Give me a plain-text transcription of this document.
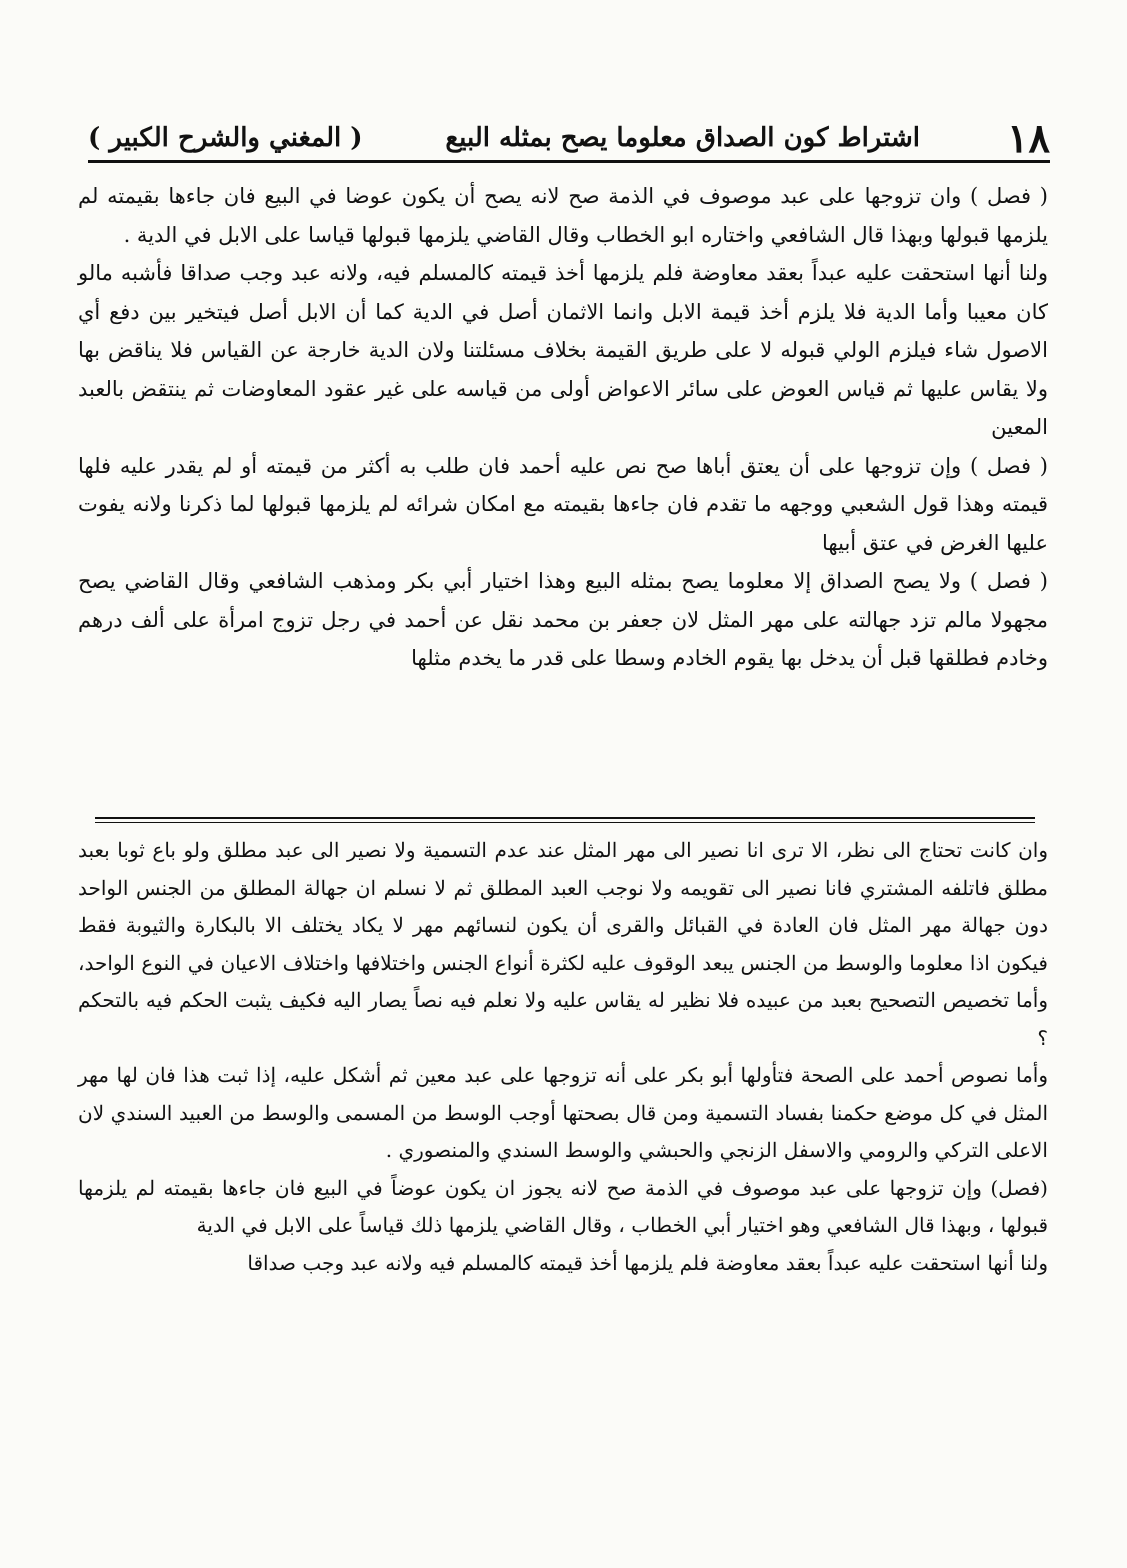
١٨
اشتراط كون الصداق معلوما يصح بمثله البيع
( المغني والشرح الكبير )

( فصل ) وان تزوجها على عبد موصوف في الذمة صح لانه يصح أن يكون عوضا في البيع فان جاءها بقيمته لم يلزمها قبولها وبهذا قال الشافعي واختاره ابو الخطاب وقال القاضي يلزمها قبولها قياسا على الابل في الدية .

ولنا أنها استحقت عليه عبداً بعقد معاوضة فلم يلزمها أخذ قيمته كالمسلم فيه، ولانه عبد وجب صداقا فأشبه مالو كان معيبا وأما الدية فلا يلزم أخذ قيمة الابل وانما الاثمان أصل في الدية كما أن الابل أصل فيتخير بين دفع أي الاصول شاء فيلزم الولي قبوله لا على طريق القيمة بخلاف مسئلتنا ولان الدية خارجة عن القياس فلا يناقض بها ولا يقاس عليها ثم قياس العوض على سائر الاعواض أولى من قياسه على غير عقود المعاوضات ثم ينتقض بالعبد المعين

( فصل ) وإن تزوجها على أن يعتق أباها صح نص عليه أحمد فان طلب به أكثر من قيمته أو لم يقدر عليه فلها قيمته وهذا قول الشعبي ووجهه ما تقدم فان جاءها بقيمته مع امكان شرائه لم يلزمها قبولها لما ذكرنا ولانه يفوت عليها الغرض في عتق أبيها

( فصل ) ولا يصح الصداق إلا معلوما يصح بمثله البيع وهذا اختيار أبي بكر ومذهب الشافعي وقال القاضي يصح مجهولا مالم تزد جهالته على مهر المثل لان جعفر بن محمد نقل عن أحمد في رجل تزوج امرأة على ألف درهم وخادم فطلقها قبل أن يدخل بها يقوم الخادم وسطا على قدر ما يخدم مثلها

وان كانت تحتاج الى نظر، الا ترى انا نصير الى مهر المثل عند عدم التسمية ولا نصير الى عبد مطلق ولو باع ثوبا بعبد مطلق فاتلفه المشتري فانا نصير الى تقويمه ولا نوجب العبد المطلق ثم لا نسلم ان جهالة المطلق من الجنس الواحد دون جهالة مهر المثل فان العادة في القبائل والقرى أن يكون لنسائهم مهر لا يكاد يختلف الا بالبكارة والثيوبة فقط فيكون اذا معلوما والوسط من الجنس يبعد الوقوف عليه لكثرة أنواع الجنس واختلافها واختلاف الاعيان في النوع الواحد، وأما تخصيص التصحيح بعبد من عبيده فلا نظير له يقاس عليه ولا نعلم فيه نصاً يصار اليه فكيف يثبت الحكم فيه بالتحكم ؟

وأما نصوص أحمد على الصحة فتأولها أبو بكر على أنه تزوجها على عبد معين ثم أشكل عليه، إذا ثبت هذا فان لها مهر المثل في كل موضع حكمنا بفساد التسمية ومن قال بصحتها أوجب الوسط من المسمى والوسط من العبيد السندي لان الاعلى التركي والرومي والاسفل الزنجي والحبشي والوسط السندي والمنصوري .

(فصل) وإن تزوجها على عبد موصوف في الذمة صح لانه يجوز ان يكون عوضاً في البيع فان جاءها بقيمته لم يلزمها قبولها ، وبهذا قال الشافعي وهو اختيار أبي الخطاب ، وقال القاضي يلزمها ذلك قياساً على الابل في الدية

ولنا أنها استحقت عليه عبداً بعقد معاوضة فلم يلزمها أخذ قيمته كالمسلم فيه ولانه عبد وجب صداقا
